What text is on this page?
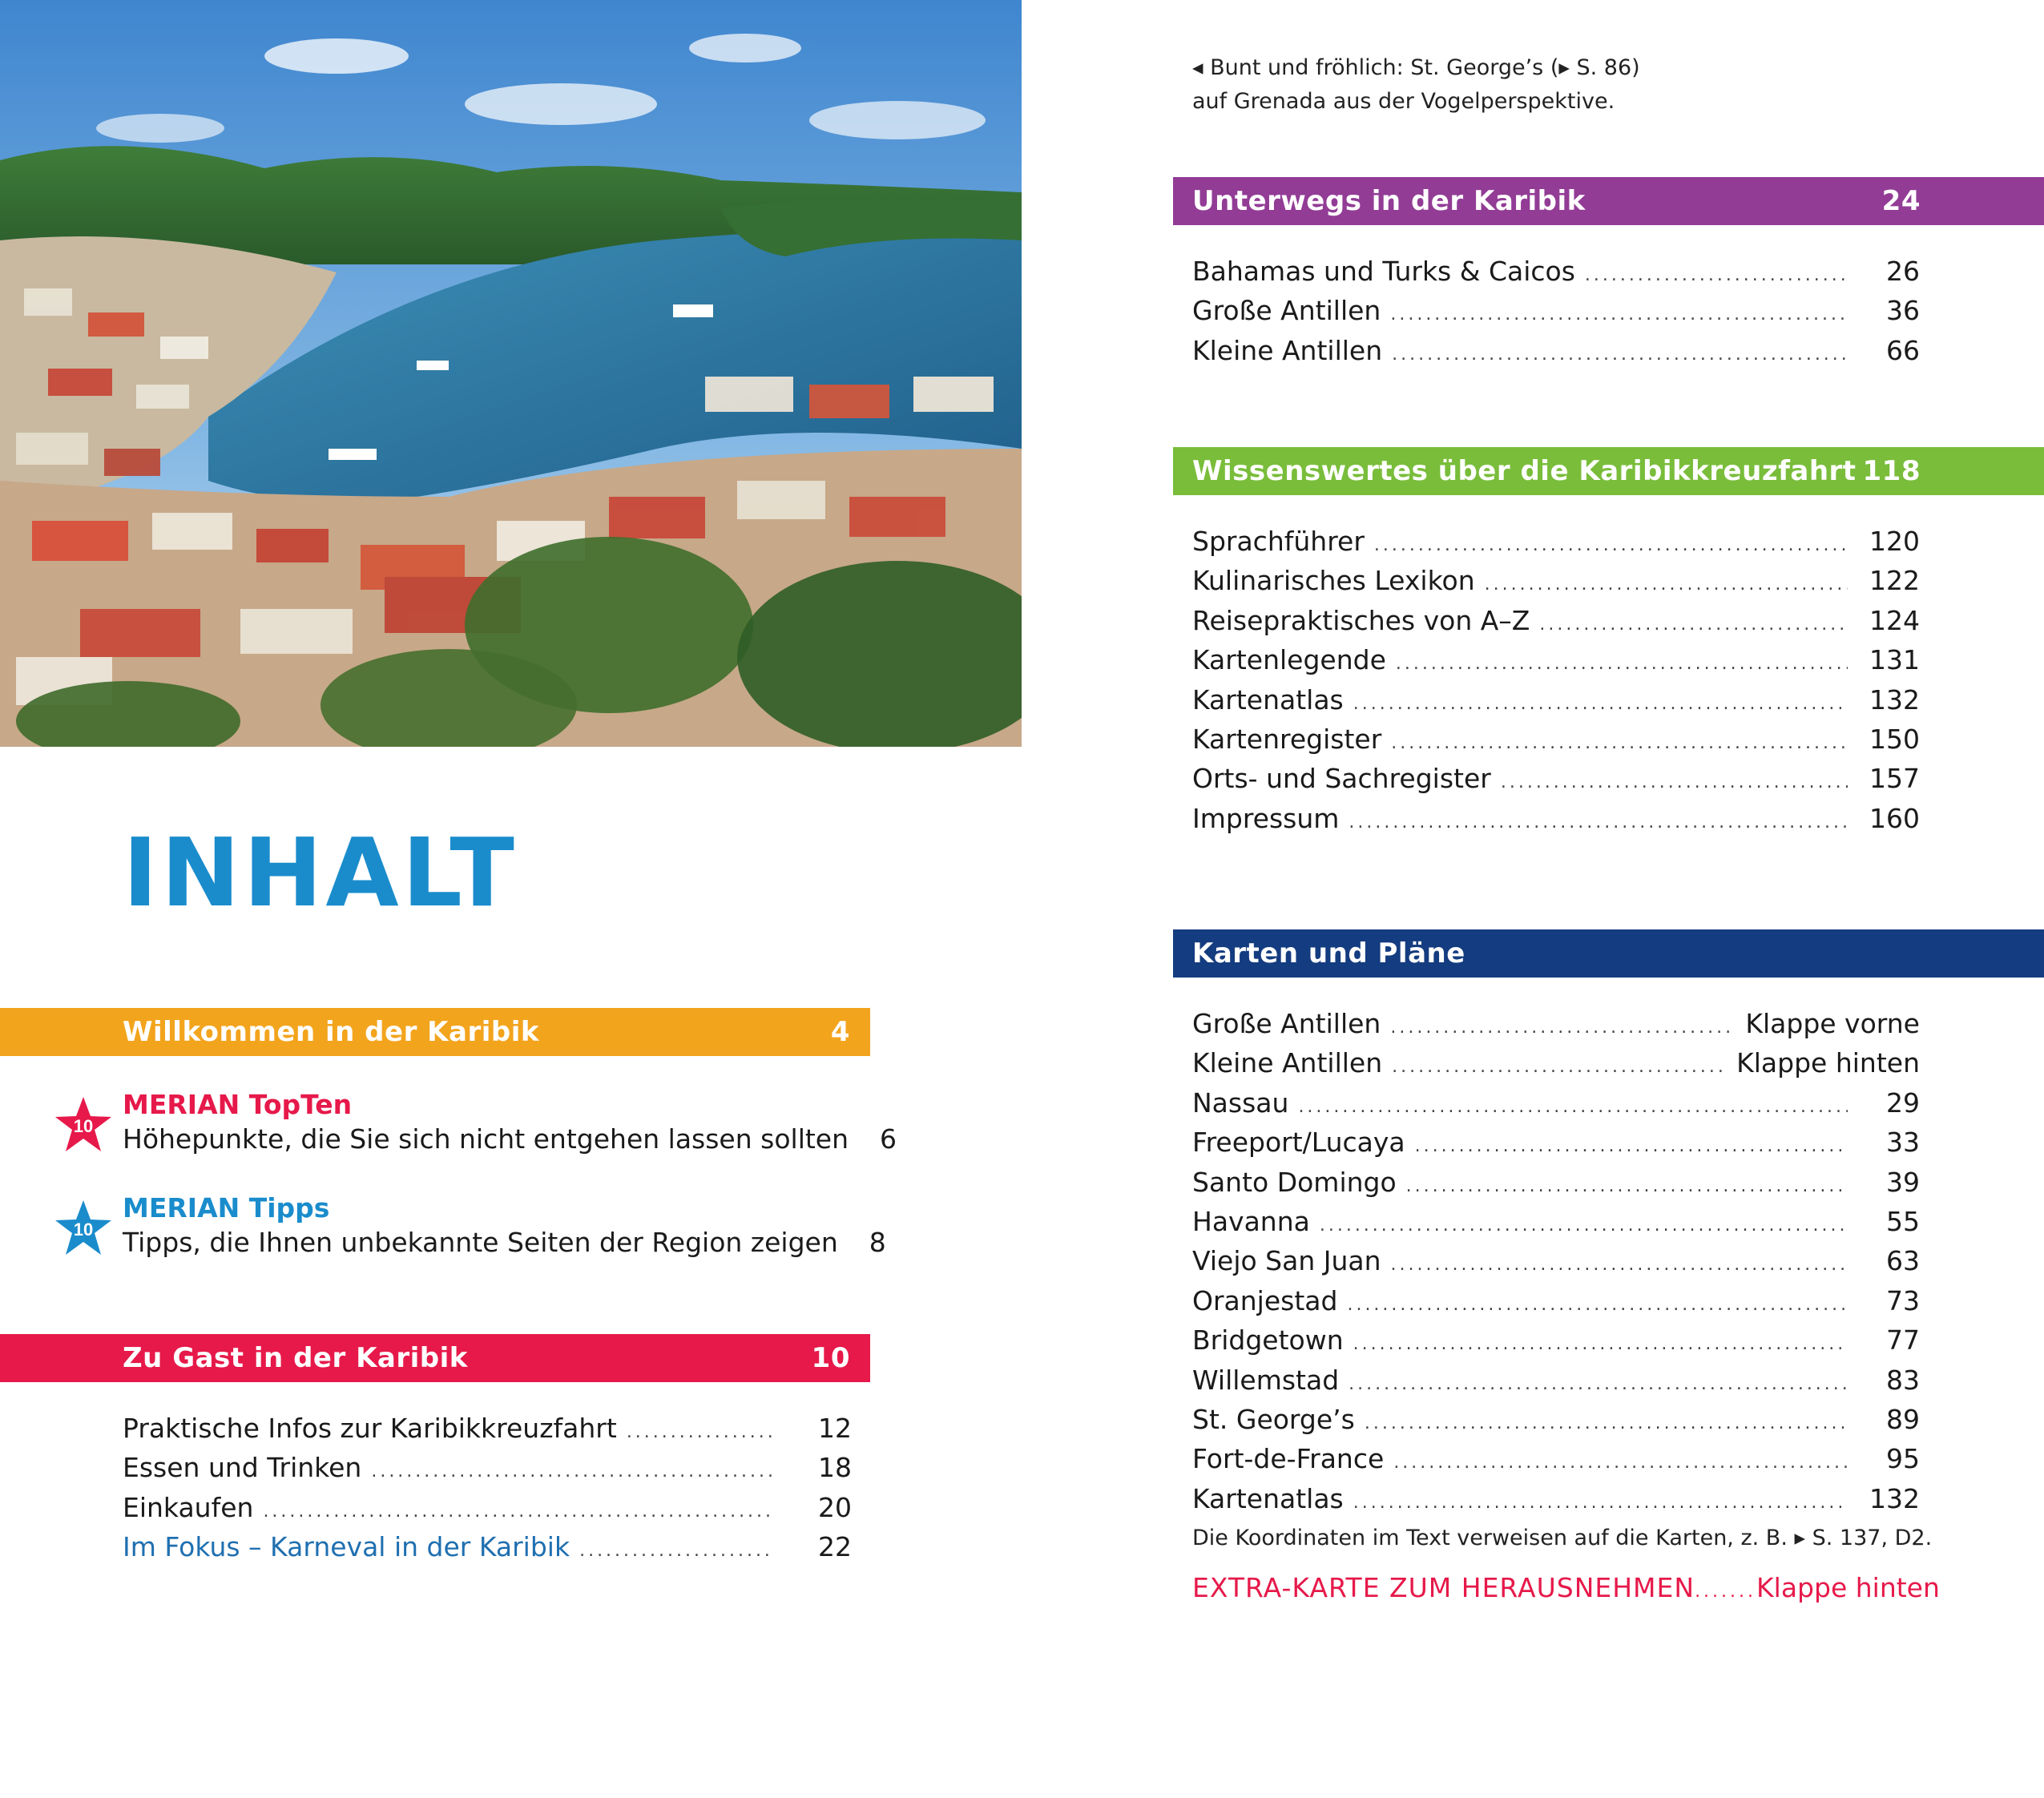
INHALT
Willkommen in der Karibik	4
10
MERIAN TopTen
Höhepunkte, die Sie sich nicht entgehen lassen sollten	6
10
MERIAN Tipps
Tipps, die Ihnen unbekannte Seiten der Region zeigen	8
Zu Gast in der Karibik	10
Praktische Infos zur Karibikkreuzfahrt .....	12
Essen und Trinken .....	18
Einkaufen .....	20
Im Fokus – Karneval in der Karibik .....	22
◂ Bunt und fröhlich: St. George’s (▸ S. 86)
auf Grenada aus der Vogelperspektive.
Unterwegs in der Karibik	24
Bahamas und Turks & Caicos .....	26
Große Antillen .....	36
Kleine Antillen .....	66
Wissenswertes über die Karibikkreuzfahrt 118
Sprachführer .....	120
Kulinarisches Lexikon .....	122
Reisepraktisches von A–Z .....	124
Kartenlegende .....	131
Kartenatlas .....	132
Kartenregister .....	150
Orts- und Sachregister .....	157
Impressum .....	160
Karten und Pläne
Große Antillen .....	Klappe vorne
Kleine Antillen .....	Klappe hinten
Nassau .....	29
Freeport/Lucaya .....	33
Santo Domingo .....	39
Havanna .....	55
Viejo San Juan .....	63
Oranjestad .....	73
Bridgetown .....	77
Willemstad .....	83
St. George’s .....	89
Fort-de-France .....	95
Kartenatlas .....	132
Die Koordinaten im Text verweisen auf die Karten, z. B. ▸ S. 137, D2.
EXTRA-KARTE ZUM HERAUSNEHMEN ....... Klappe hinten
